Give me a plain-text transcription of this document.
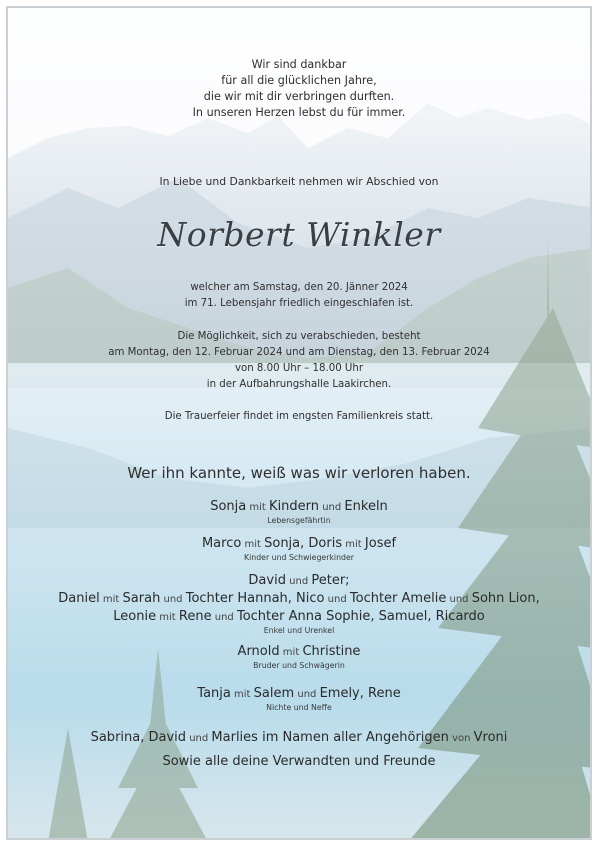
Wir sind dankbar
für all die glücklichen Jahre,
die wir mit dir verbringen durften.
In unseren Herzen lebst du für immer.
In Liebe und Dankbarkeit nehmen wir Abschied von
Norbert Winkler
welcher am Samstag, den 20. Jänner 2024
im 71. Lebensjahr friedlich eingeschlafen ist.
Die Möglichkeit, sich zu verabschieden, besteht
am Montag, den 12. Februar 2024 und am Dienstag, den 13. Februar 2024
von 8.00 Uhr – 18.00 Uhr
in der Aufbahrungshalle Laakirchen.
Die Trauerfeier findet im engsten Familienkreis statt.
Wer ihn kannte, weiß was wir verloren haben.
Sonja mit Kindern und Enkeln
Lebensgefährtin
Marco mit Sonja, Doris mit Josef
Kinder und Schwiegerkinder
David und Peter;
Daniel mit Sarah und Tochter Hannah, Nico und Tochter Amelie und Sohn Lion,
Leonie mit Rene und Tochter Anna Sophie, Samuel, Ricardo
Enkel und Urenkel
Arnold mit Christine
Bruder und Schwägerin
Tanja mit Salem und Emely, Rene
Nichte und Neffe
Sabrina, David und Marlies im Namen aller Angehörigen von Vroni
Sowie alle deine Verwandten und Freunde
